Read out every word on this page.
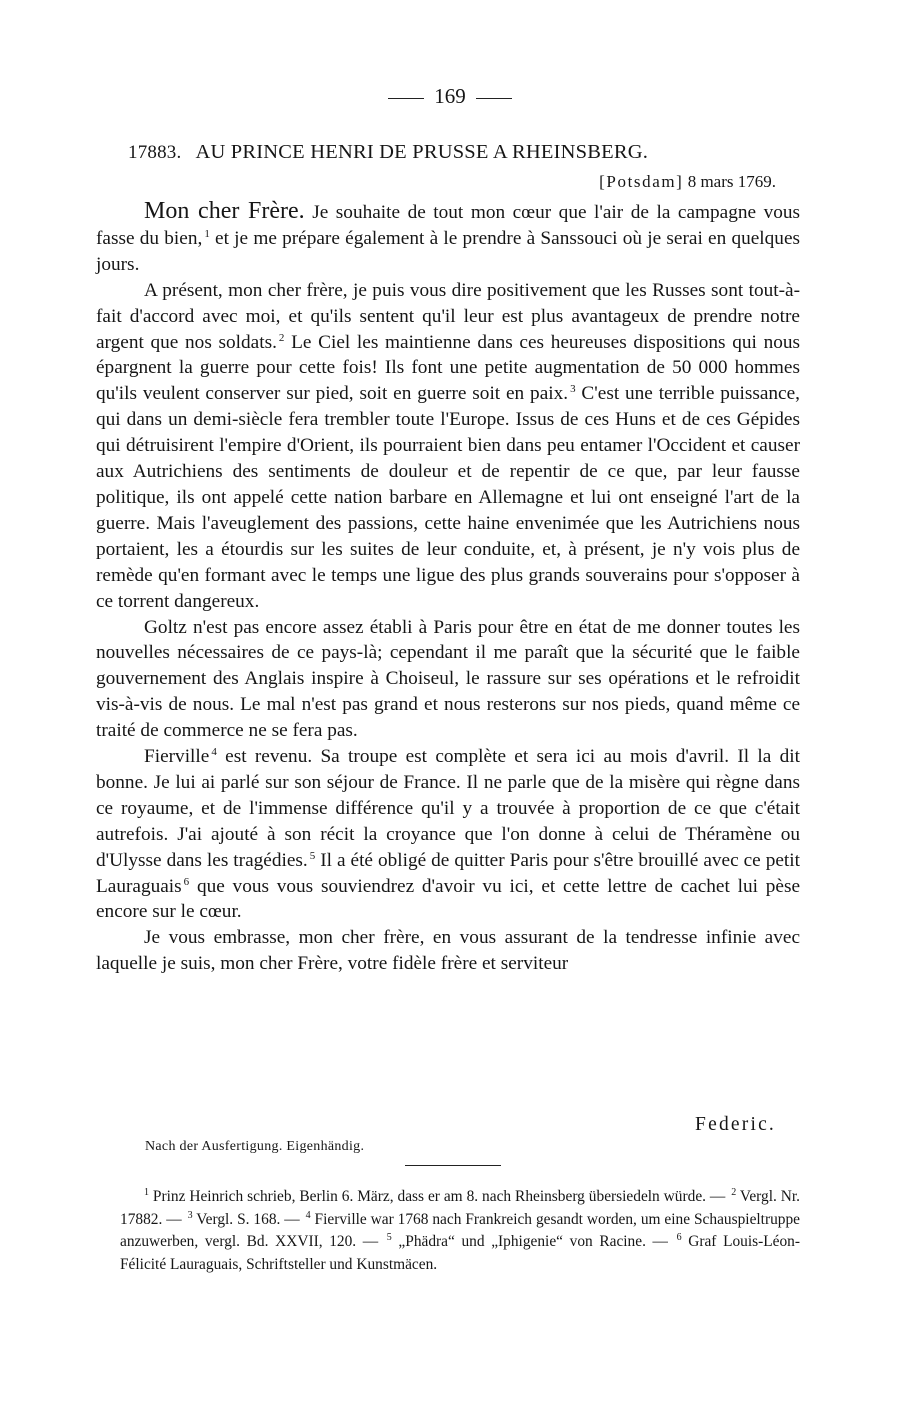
169
17883. AU PRINCE HENRI DE PRUSSE A RHEINSBERG.
[Potsdam] 8 mars 1769.

Mon cher Frère. Je souhaite de tout mon cœur que l'air de la campagne vous fasse du bien, $^1$ et je me prépare également à le prendre à Sanssouci où je serai en quelques jours.

A présent, mon cher frère, je puis vous dire positivement que les Russes sont tout-à-fait d'accord avec moi, et qu'ils sentent qu'il leur est plus avantageux de prendre notre argent que nos soldats. $^2$ Le Ciel les maintienne dans ces heureuses dispositions qui nous épargnent la guerre pour cette fois! Ils font une petite augmentation de 50 000 hommes qu'ils veulent conserver sur pied, soit en guerre soit en paix. $^3$ C'est une terrible puissance, qui dans un demi-siècle fera trembler toute l'Europe. Issus de ces Huns et de ces Gépides qui détruisirent l'empire d'Orient, ils pourraient bien dans peu entamer l'Occident et causer aux Autrichiens des sentiments de douleur et de repentir de ce que, par leur fausse politique, ils ont appelé cette nation barbare en Allemagne et lui ont enseigné l'art de la guerre. Mais l'aveuglement des passions, cette haine envenimée que les Autrichiens nous portaient, les a étourdis sur les suites de leur conduite, et, à présent, je n'y vois plus de remède qu'en formant avec le temps une ligue des plus grands souverains pour s'opposer à ce torrent dangereux.

Goltz n'est pas encore assez établi à Paris pour être en état de me donner toutes les nouvelles nécessaires de ce pays-là; cependant il me paraît que la sécurité que le faible gouvernement des Anglais inspire à Choiseul, le rassure sur ses opérations et le refroidit vis-à-vis de nous. Le mal n'est pas grand et nous resterons sur nos pieds, quand même ce traité de commerce ne se fera pas.

Fierville $^4$ est revenu. Sa troupe est complète et sera ici au mois d'avril. Il la dit bonne. Je lui ai parlé sur son séjour de France. Il ne parle que de la misère qui règne dans ce royaume, et de l'immense différence qu'il y a trouvée à proportion de ce que c'était autrefois. J'ai ajouté à son récit la croyance que l'on donne à celui de Théramène ou d'Ulysse dans les tragédies. $^5$ Il a été obligé de quitter Paris pour s'être brouillé avec ce petit Lauraguais $^6$ que vous vous souviendrez d'avoir vu ici, et cette lettre de cachet lui pèse encore sur le cœur.

Je vous embrasse, mon cher frère, en vous assurant de la tendresse infinie avec laquelle je suis, mon cher Frère, votre fidèle frère et serviteur

Federic.
Nach der Ausfertigung. Eigenhändig.

$^1$ Prinz Heinrich schrieb, Berlin 6. März, dass er am 8. nach Rheinsberg übersiedeln würde. — $^2$ Vergl. Nr. 17882. — $^3$ Vergl. S. 168. — $^4$ Fierville war 1768 nach Frankreich gesandt worden, um eine Schauspieltruppe anzuwerben, vergl. Bd. XXVII, 120. — $^5$ „Phädra“ und „Iphigenie“ von Racine. — $^6$ Graf Louis-Léon-Félicité Lauraguais, Schriftsteller und Kunstmäcen.
